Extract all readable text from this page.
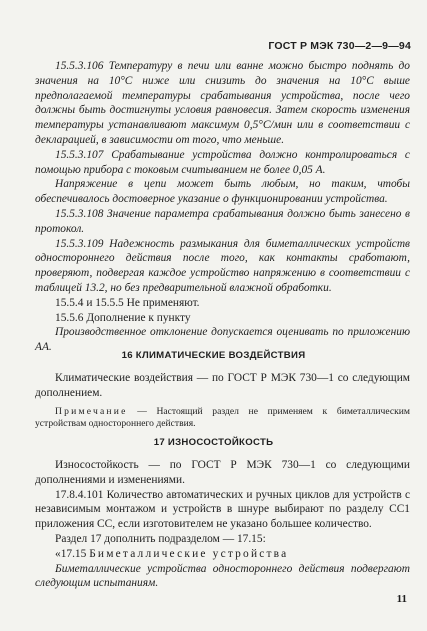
ГОСТ Р МЭК 730—2—9—94

15.5.3.106 Температуру в печи или ванне можно быстро поднять до значения на 10°С ниже или снизить до значения на 10°С выше предполагаемой температуры срабатывания устройства, после чего должны быть достигнуты условия равновесия. Затем скорость изменения температуры устанавливают максимум 0,5°С/мин или в соответствии с декларацией, в зависимости от того, что меньше.

15.5.3.107 Срабатывание устройства должно контролироваться с помощью прибора с токовым считыванием не более 0,05 А.

Напряжение в цепи может быть любым, но таким, чтобы обеспечивалось достоверное указание о функционировании устройства.

15.5.3.108 Значение параметра срабатывания должно быть занесено в протокол.

15.5.3.109 Надежность размыкания для биметаллических устройств одностороннего действия после того, как контакты сработают, проверяют, подвергая каждое устройство напряжению в соответствии с таблицей 13.2, но без предварительной влажной обработки.

15.5.4 и 15.5.5 Не применяют.

15.5.6 Дополнение к пункту

Производственное отклонение допускается оценивать по приложению АА.

16 КЛИМАТИЧЕСКИЕ ВОЗДЕЙСТВИЯ

Климатические воздействия — по ГОСТ Р МЭК 730—1 со следующим дополнением.

Примечание — Настоящий раздел не применяем к биметаллическим устройствам одностороннего действия.

17 ИЗНОСОСТОЙКОСТЬ

Износостойкость — по ГОСТ Р МЭК 730—1 со следующими дополнениями и изменениями.

17.8.4.101 Количество автоматических и ручных циклов для устройств с независимым монтажом и устройств в шнуре выбирают по разделу СС1 приложения СС, если изготовителем не указано большее количество.

Раздел 17 дополнить подразделом — 17.15:

«17.15 Биметаллические устройства

Биметаллические устройства одностороннего действия подвергают следующим испытаниям.

11
